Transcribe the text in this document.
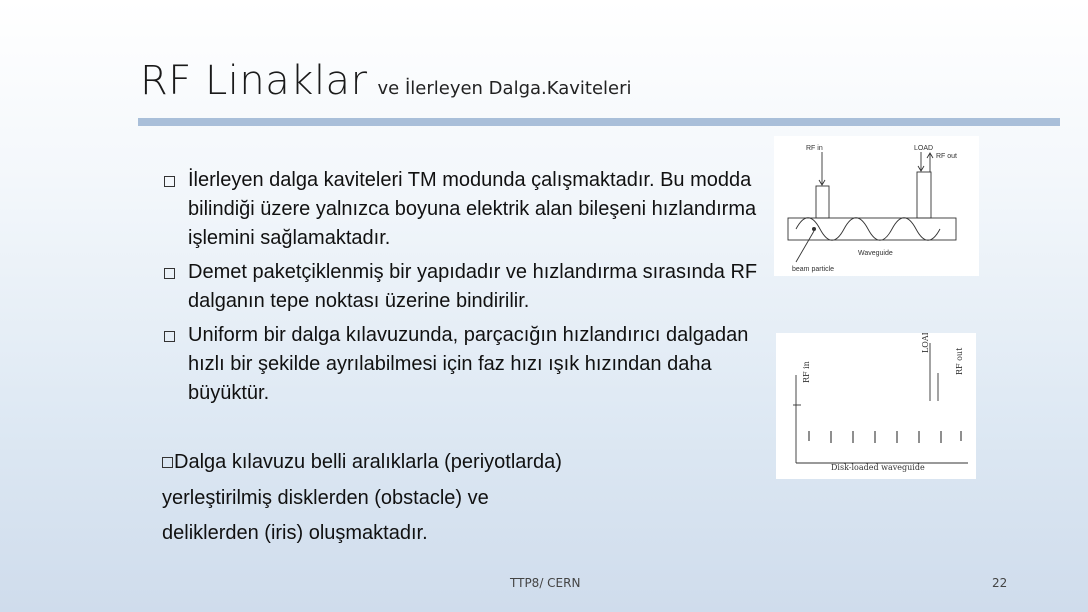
RF Linaklar ve İlerleyen Dalga.Kaviteleri

İlerleyen dalga kaviteleri TM modunda çalışmaktadır. Bu modda bilindiği üzere yalnızca boyuna elektrik alan bileşeni hızlandırma işlemini sağlamaktadır.

Demet paketçiklenmiş bir yapıdadır ve hızlandırma sırasında RF dalganın tepe noktası üzerine bindirilir.

Uniform bir dalga kılavuzunda, parçacığın hızlandırıcı dalgadan hızlı bir şekilde ayrılabilmesi için faz hızı ışık hızından daha büyüktür.

Dalga kılavuzu belli aralıklarla (periyotlarda) yerleştirilmiş disklerden (obstacle) ve deliklerden (iris) oluşmaktadır.
RF in	LOAD
RF out
Waveguide
beam particle
RF in
LOAD
RF out
Disk-loaded waveguide
TTP8/ CERN	22
